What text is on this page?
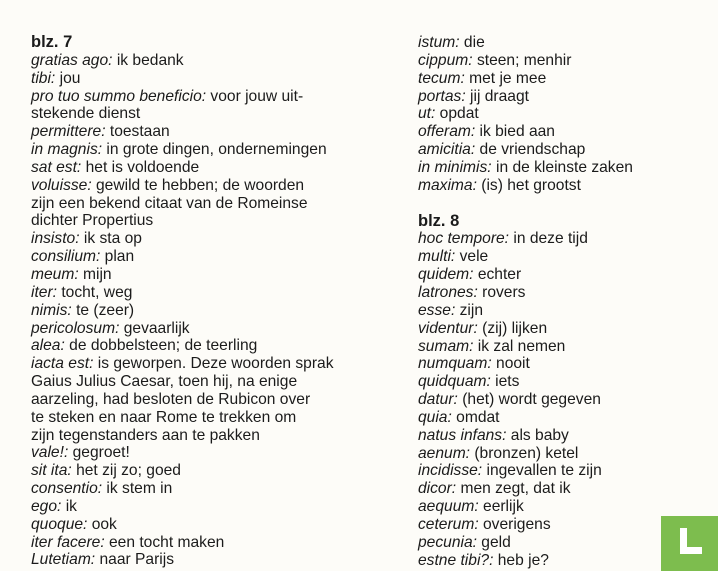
blz. 7
gratias ago: ik bedank
tibi: jou
pro tuo summo beneficio: voor jouw uit-
stekende dienst
permittere: toestaan
in magnis: in grote dingen, ondernemingen
sat est: het is voldoende
voluisse: gewild te hebben; de woorden
zijn een bekend citaat van de Romeinse
dichter Propertius
insisto: ik sta op
consilium: plan
meum: mijn
iter: tocht, weg
nimis: te (zeer)
pericolosum: gevaarlijk
alea: de dobbelsteen; de teerling
iacta est: is geworpen. Deze woorden sprak
Gaius Julius Caesar, toen hij, na enige
aarzeling, had besloten de Rubicon over
te steken en naar Rome te trekken om
zijn tegenstanders aan te pakken
vale!: gegroet!
sit ita: het zij zo; goed
consentio: ik stem in
ego: ik
quoque: ook
iter facere: een tocht maken
Lutetiam: naar Parijs
istum: die
cippum: steen; menhir
tecum: met je mee
portas: jij draagt
ut: opdat
offeram: ik bied aan
amicitia: de vriendschap
in minimis: in de kleinste zaken
maxima: (is) het grootst
blz. 8
hoc tempore: in deze tijd
multi: vele
quidem: echter
latrones: rovers
esse: zijn
videntur: (zij) lijken
sumam: ik zal nemen
numquam: nooit
quidquam: iets
datur: (het) wordt gegeven
quia: omdat
natus infans: als baby
aenum: (bronzen) ketel
incidisse: ingevallen te zijn
dicor: men zegt, dat ik
aequum: eerlijk
ceterum: overigens
pecunia: geld
estne tibi?: heb je?
